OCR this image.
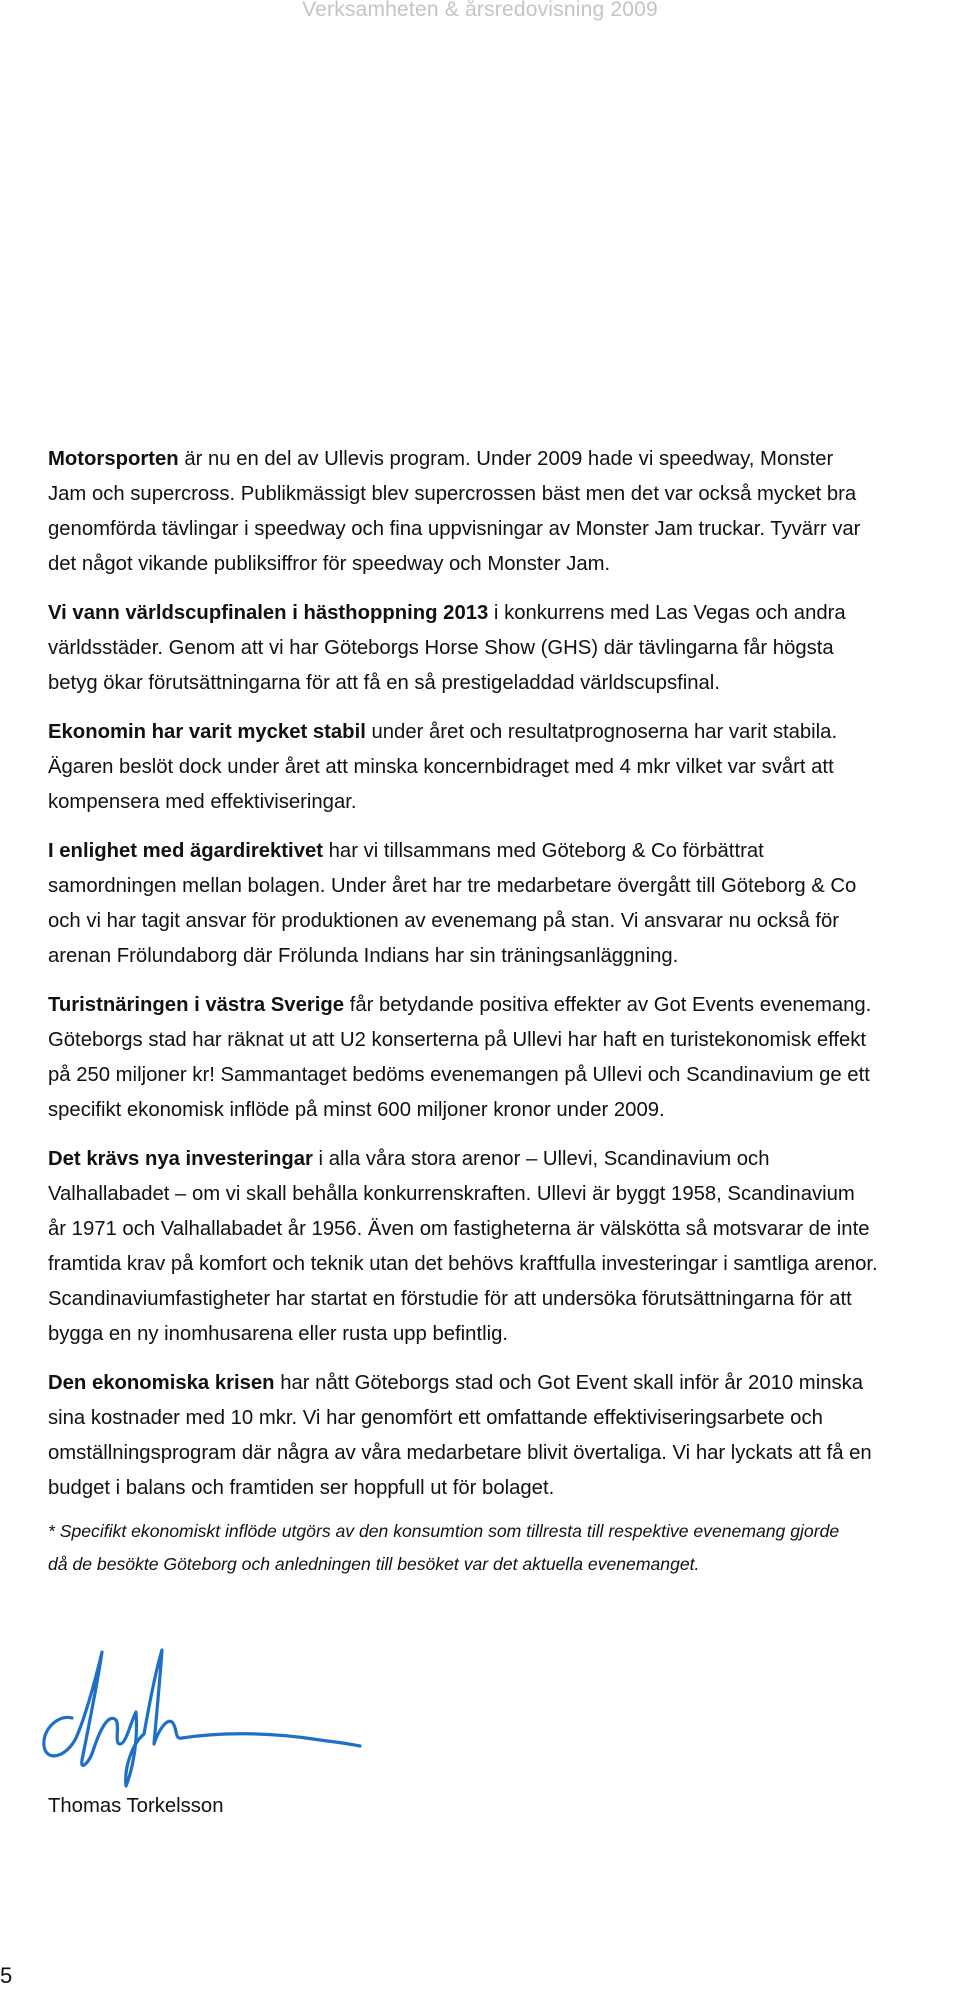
Verksamheten & årsredovisning 2009

Motorsporten är nu en del av Ullevis program. Under 2009 hade vi speedway, Monster
Jam och supercross. Publikmässigt blev supercrossen bäst men det var också mycket bra
genomförda tävlingar i speedway och fina uppvisningar av Monster Jam truckar. Tyvärr var
det något vikande publiksiffror för speedway och Monster Jam.

Vi vann världscupfinalen i hästhoppning 2013 i konkurrens med Las Vegas och andra
världsstäder. Genom att vi har Göteborgs Horse Show (GHS) där tävlingarna får högsta
betyg ökar förutsättningarna för att få en så prestigeladdad världscupsfinal.

Ekonomin har varit mycket stabil under året och resultatprognoserna har varit stabila.
Ägaren beslöt dock under året att minska koncernbidraget med 4 mkr vilket var svårt att
kompensera med effektiviseringar.

I enlighet med ägardirektivet har vi tillsammans med Göteborg & Co förbättrat
samordningen mellan bolagen. Under året har tre medarbetare övergått till Göteborg & Co
och vi har tagit ansvar för produktionen av evenemang på stan. Vi ansvarar nu också för
arenan Frölundaborg där Frölunda Indians har sin träningsanläggning.

Turistnäringen i västra Sverige får betydande positiva effekter av Got Events evenemang.
Göteborgs stad har räknat ut att U2 konserterna på Ullevi har haft en turistekonomisk effekt
på 250 miljoner kr! Sammantaget bedöms evenemangen på Ullevi och Scandinavium ge ett
specifikt ekonomisk inflöde på minst 600 miljoner kronor under 2009.

Det krävs nya investeringar i alla våra stora arenor – Ullevi, Scandinavium och
Valhallabadet – om vi skall behålla konkurrenskraften. Ullevi är byggt 1958, Scandinavium
år 1971 och Valhallabadet år 1956. Även om fastigheterna är välskötta så motsvarar de inte
framtida krav på komfort och teknik utan det behövs kraftfulla investeringar i samtliga arenor.
Scandinaviumfastigheter har startat en förstudie för att undersöka förutsättningarna för att
bygga en ny inomhusarena eller rusta upp befintlig.

Den ekonomiska krisen har nått Göteborgs stad och Got Event skall inför år 2010 minska
sina kostnader med 10 mkr. Vi har genomfört ett omfattande effektiviseringsarbete och
omställningsprogram där några av våra medarbetare blivit övertaliga. Vi har lyckats att få en
budget i balans och framtiden ser hoppfull ut för bolaget.

* Specifikt ekonomiskt inflöde utgörs av den konsumtion som tillresta till respektive evenemang gjorde
då de besökte Göteborg och anledningen till besöket var det aktuella evenemanget.
Thomas Torkelsson
5
